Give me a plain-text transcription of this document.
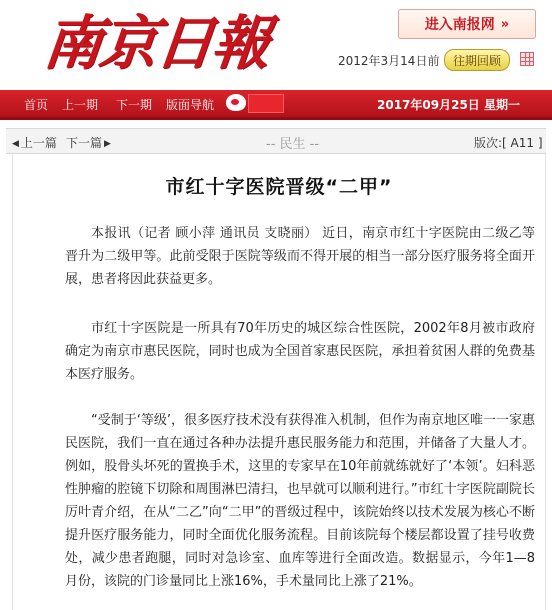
南
京
日
報	进入南报网 »
2012年3月14日前	往期回顾
首页 上一期 下一期 版面导航	2017年09月25日 星期一
◀ 上一篇 下一篇 ▶	-- 民生 --	版次:[ A11 ]
市红十字医院晋级“二甲”

本报讯（记者 顾小萍 通讯员 支晓丽） 近日，南京市红十字医院由二级乙等晋升为二级甲等。此前受限于医院等级而不得开展的相当一部分医疗服务将全面开展，患者将因此获益更多。

市红十字医院是一所具有70年历史的城区综合性医院，2002年8月被市政府确定为南京市惠民医院，同时也成为全国首家惠民医院，承担着贫困人群的免费基本医疗服务。

“受制于‘等级’，很多医疗技术没有获得准入机制，但作为南京地区唯一一家惠民医院，我们一直在通过各种办法提升惠民服务能力和范围，并储备了大量人才。例如，股骨头坏死的置换手术，这里的专家早在10年前就练就好了‘本领’。妇科恶性肿瘤的腔镜下切除和周围淋巴清扫，也早就可以顺利进行。”市红十字医院副院长厉叶青介绍，在从“二乙”向“二甲”的晋级过程中，该院始终以技术发展为核心不断提升医疗服务能力，同时全面优化服务流程。目前该院每个楼层都设置了挂号收费处，减少患者跑腿，同时对急诊室、血库等进行全面改造。数据显示，今年1—8月份，该院的门诊量同比上涨16%，手术量同比上涨了21%。
